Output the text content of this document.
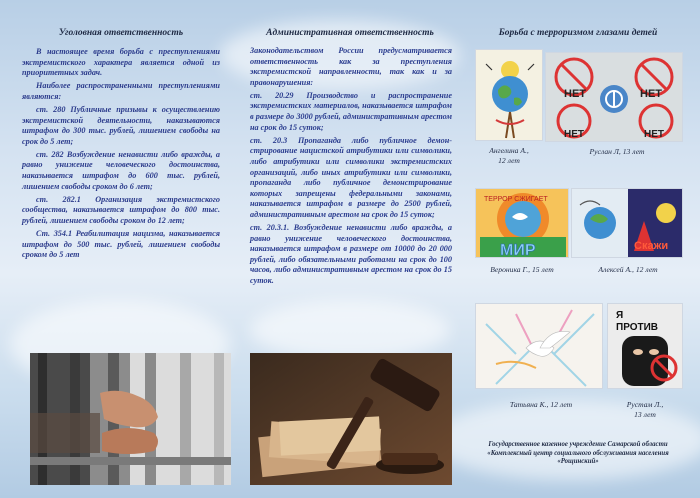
Уголовная ответственность

В настоящее время борьба с преступлениями экстремистского характера является одной из приоритетных задач.

Наиболее распространенными преступлениями являются:

ст. 280 Публичные призывы к осуществлению экстремистской деятельности, наказываются штрафом до 300 тыс. рублей, лишением свободы на срок до 5 лет;

ст. 282 Возбуждение ненависти либо вражды, а равно унижение человеческого достоинства, наказывается штрафом до 600 тыс. рублей, лишением свободы сроком до 6 лет;

ст. 282.1 Организация экстремистского сообщества, наказывается штрафом до 800 тыс. рублей, лишением свободы сроком до 12 лет;

Ст. 354.1 Реабилитация нацизма, наказывается штрафом до 500 тыс. рублей, лишением свободы сроком до 5 лет

Административная ответственность

Законодательством России предусматривается ответственность как за преступления экстремистской направленности, так как и за правонарушения:

ст. 20.29 Производство и распространение экстремистских материалов, наказывается штрафом в размере до 3000 рублей, административным арестом на срок до 15 суток;

ст. 20.3 Пропаганда либо публичное демонстрирование нацистской атрибутики или символики, либо атрибутики или символики экстремистских организаций, либо иных атрибутики или символики, пропаганда либо публичное демонстрирование которых запрещены федеральными законами, наказывается штрафом в размере до 2500 рублей, административным арестом на срок до 15 суток;

ст. 20.3.1. Возбуждение ненависти либо вражды, а равно унижение человеческого достоинства, наказывается штрафом в размере от 10000 до 20 000 рублей, либо обязательными работами на срок до 100 часов, либо административным арестом на срок до 15 суток.

Борьба с терроризмом глазами детей
Ангелина А.,
12 лет
НЕТ	НЕТ
НЕТ	НЕТ
Руслан Л, 13 лет
ТЕРРОР СЖИГАЕТ
МИР
Вероника Г., 15 лет
Скажи
Алексей А., 12 лет
Татьяна К., 12 лет
Я
ПРОТИВ
Рустам Л.,
13 лет
Государственное казенное учреждение Самарской области «Комплексный центр социального обслуживания населения «Рощинский»
